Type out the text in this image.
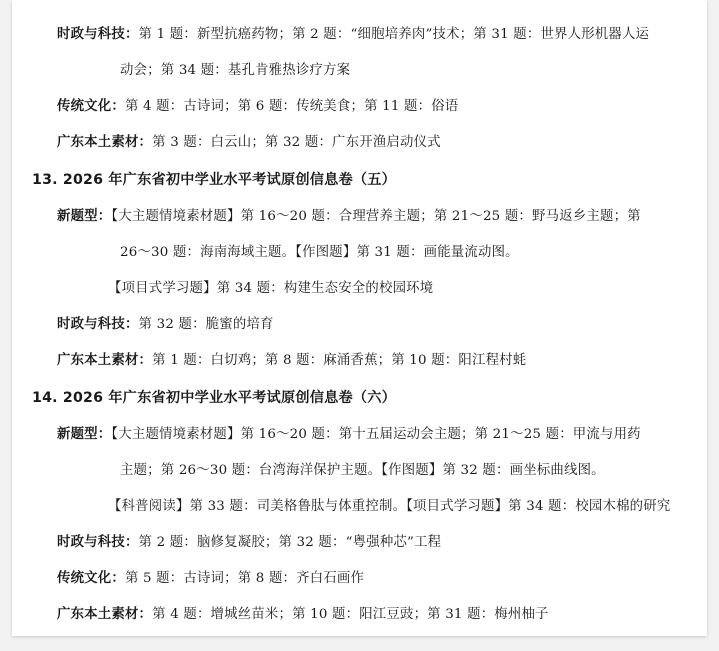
时政与科技：第 1 题：新型抗癌药物；第 2 题：“细胞培养肉”技术；第 31 题：世界人形机器人运
动会；第 34 题：基孔肯雅热诊疗方案
传统文化：第 4 题：古诗词；第 6 题：传统美食；第 11 题：俗语
广东本土素材：第 3 题：白云山；第 32 题：广东开渔启动仪式
13. 2026 年广东省初中学业水平考试原创信息卷（五）
新题型：【大主题情境素材题】第 16～20 题：合理营养主题；第 21～25 题：野马返乡主题；第
26～30 题：海南海域主题。【作图题】第 31 题：画能量流动图。
【项目式学习题】第 34 题：构建生态安全的校园环境
时政与科技：第 32 题：脆蜜的培育
广东本土素材：第 1 题：白切鸡；第 8 题：麻涌香蕉；第 10 题：阳江程村蚝
14. 2026 年广东省初中学业水平考试原创信息卷（六）
新题型：【大主题情境素材题】第 16～20 题：第十五届运动会主题；第 21～25 题：甲流与用药
主题；第 26～30 题：台湾海洋保护主题。【作图题】第 32 题：画坐标曲线图。
【科普阅读】第 33 题：司美格鲁肽与体重控制。【项目式学习题】第 34 题：校园木棉的研究
时政与科技：第 2 题：脑修复凝胶；第 32 题：“粤强种芯”工程
传统文化：第 5 题：古诗词；第 8 题：齐白石画作
广东本土素材：第 4 题：增城丝苗米；第 10 题：阳江豆豉；第 31 题：梅州柚子
